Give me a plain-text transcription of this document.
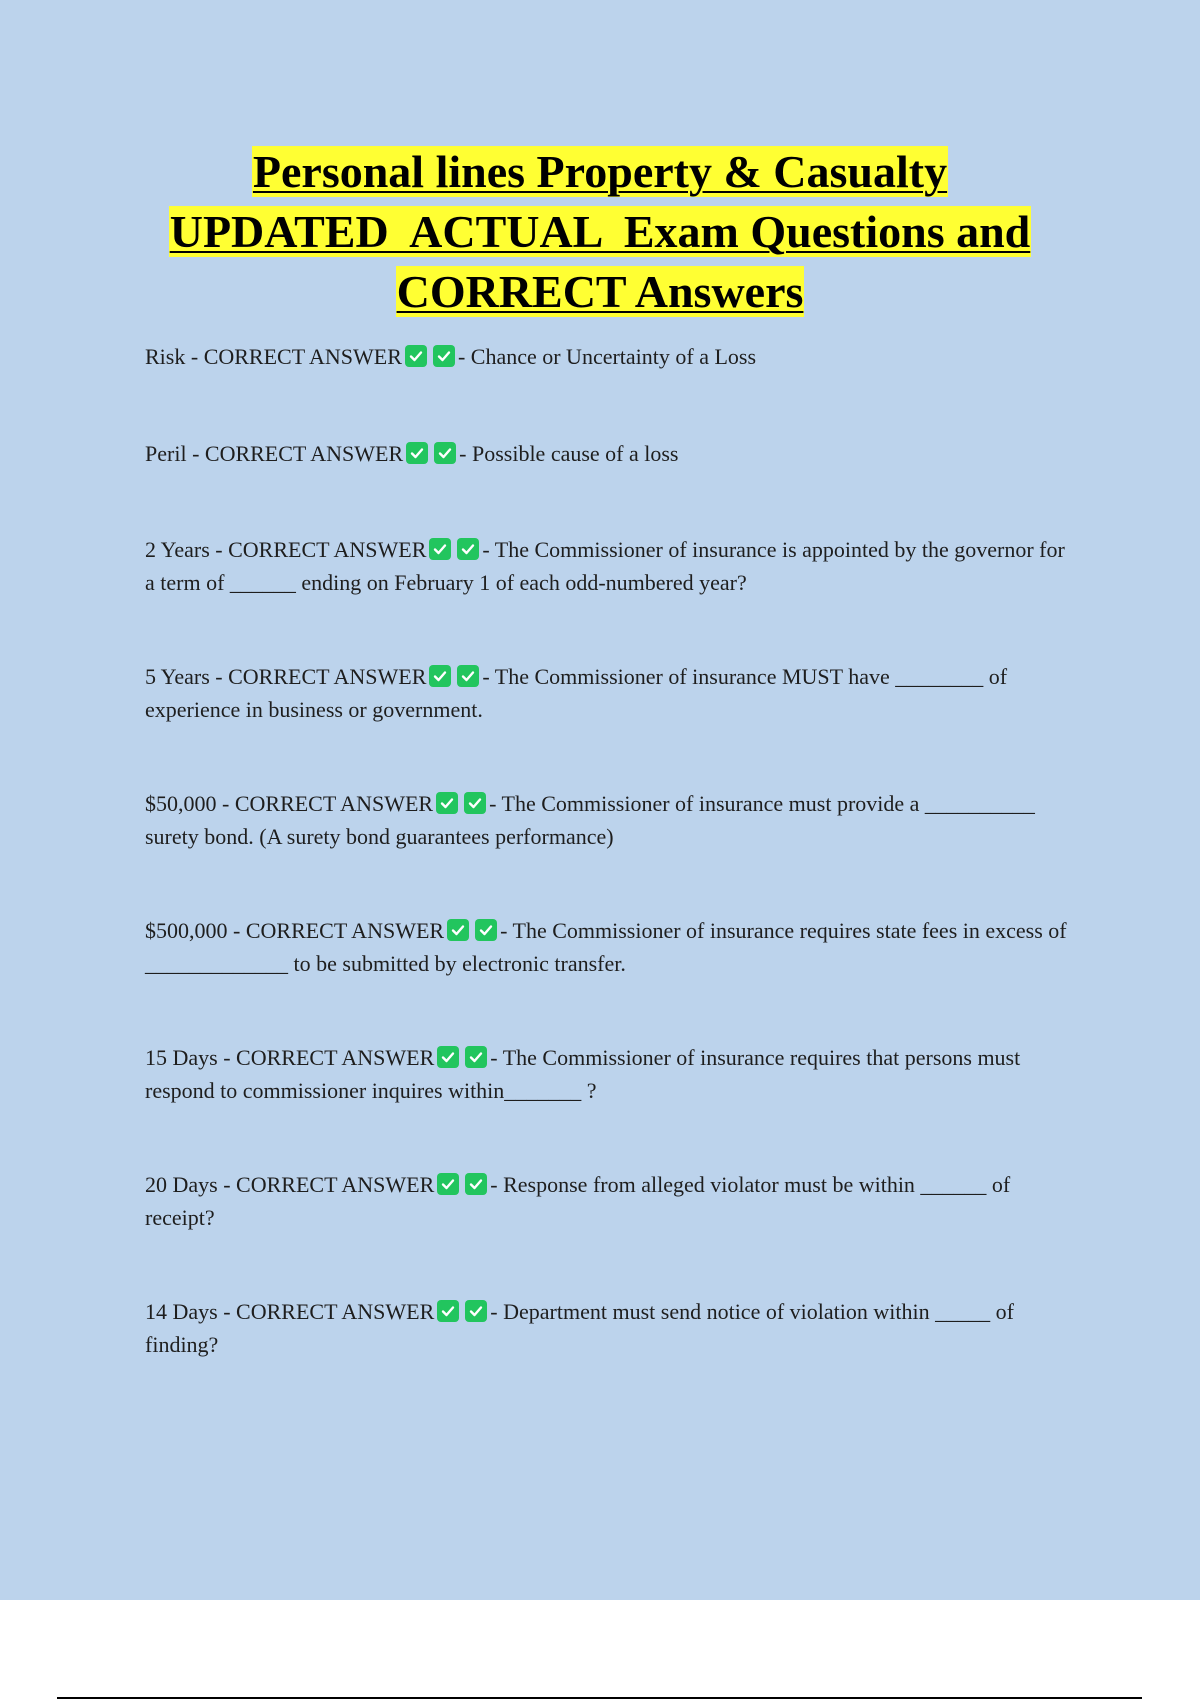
Personal lines Property & Casualty
UPDATED  ACTUAL  Exam Questions and
CORRECT Answers
Risk - CORRECT ANSWER	- Chance or Uncertainty of a Loss
Peril - CORRECT ANSWER	- Possible cause of a loss
2 Years - CORRECT ANSWER	- The Commissioner of insurance is appointed by the governor for a term of ______ ending on February 1 of each odd-numbered year?
5 Years - CORRECT ANSWER	- The Commissioner of insurance MUST have ________ of experience in business or government.
$50,000 - CORRECT ANSWER	- The Commissioner of insurance must provide a __________ surety bond. (A surety bond guarantees performance)
$500,000 - CORRECT ANSWER	- The Commissioner of insurance requires state fees in excess of _____________ to be submitted by electronic transfer.
15 Days - CORRECT ANSWER	- The Commissioner of insurance requires that persons must respond to commissioner inquires within_______ ?
20 Days - CORRECT ANSWER	- Response from alleged violator must be within ______ of receipt?
14 Days - CORRECT ANSWER	- Department must send notice of violation within _____ of finding?
